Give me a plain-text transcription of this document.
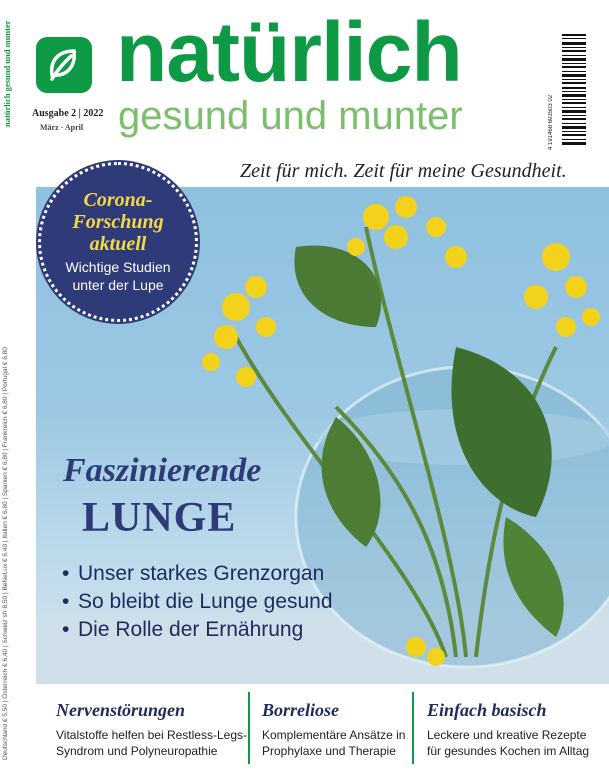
natürlich gesund und munter
Deutschland € 5,50 | Österreich € 6,40 | Schweiz sfr 8,50 | BeNeLux € 6,40 | Italien € 6,80 | Spanien € 6,80 | Frankreich € 6,80 | Portugal € 6,80
Ausgabe 2 | 2022
März · April
natürlich
gesund und munter	4 191468 603503 02
Zeit für mich. Zeit für meine Gesundheit.
Corona-
Forschung
aktuell
Wichtige Studien
unter der Lupe
Faszinierende
LUNGE
• Unser starkes Grenzorgan
• So bleibt die Lunge gesund
• Die Rolle der Ernährung
Nervenstörungen
Vitalstoffe helfen bei Restless-Legs-
Syndrom und Polyneuropathie
Borreliose
Komplementäre Ansätze in
Prophylaxe und Therapie
Einfach basisch
Leckere und kreative Rezepte
für gesundes Kochen im Alltag
